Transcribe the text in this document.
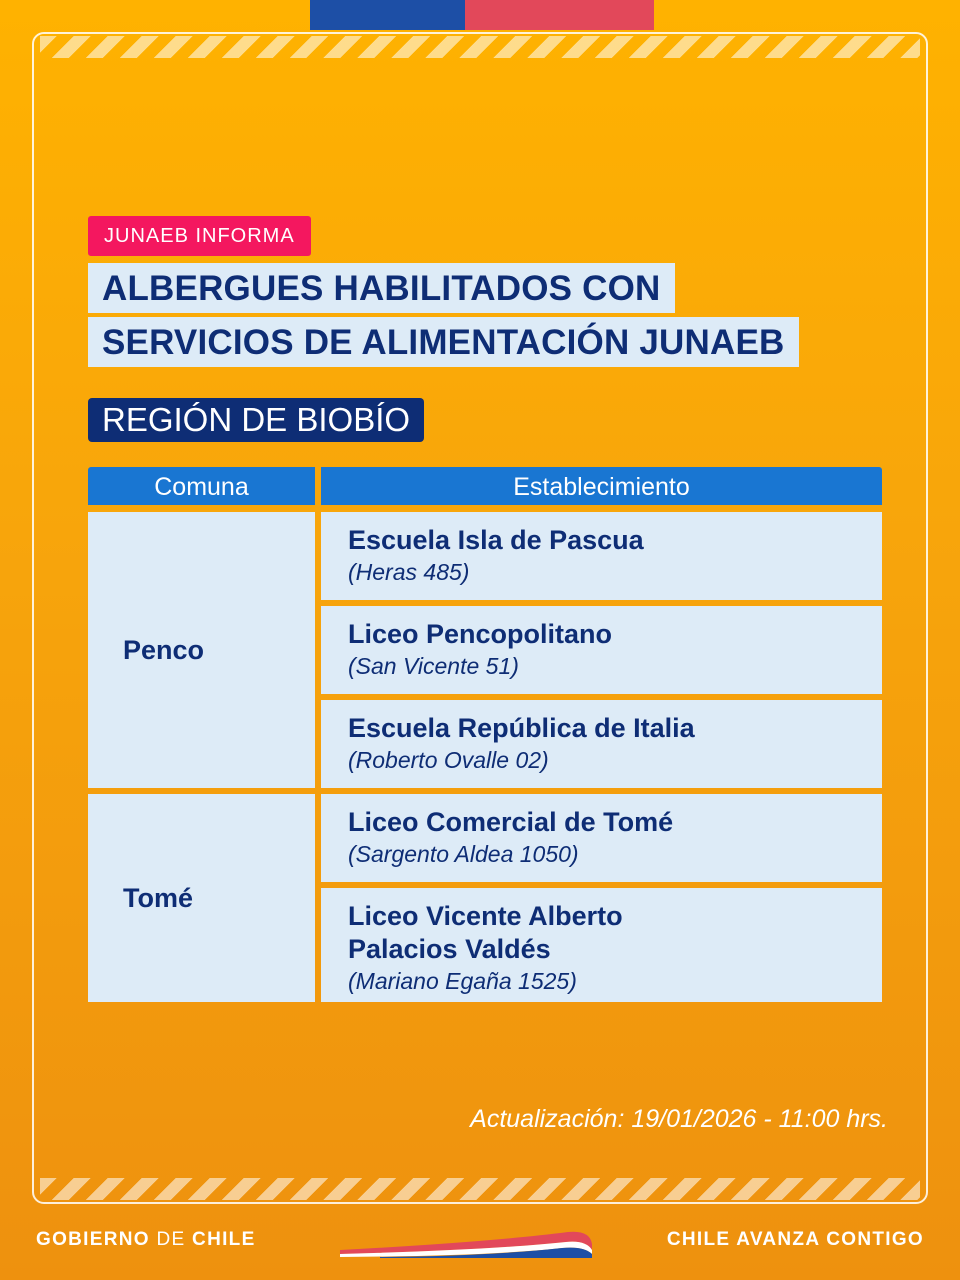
JUNAEB INFORMA
ALBERGUES HABILITADOS CON
SERVICIOS DE ALIMENTACIÓN JUNAEB
REGIÓN DE BIOBÍO
Comuna	Establecimiento
Penco
Tomé
Escuela Isla de Pascua
(Heras 485)
Liceo Pencopolitano
(San Vicente 51)
Escuela República de Italia
(Roberto Ovalle 02)
Liceo Comercial de Tomé
(Sargento Aldea 1050)
Liceo Vicente Alberto
Palacios Valdés
(Mariano Egaña 1525)
Actualización: 19/01/2026 - 11:00 hrs.
GOBIERNO DE CHILE	CHILE AVANZA CONTIGO
